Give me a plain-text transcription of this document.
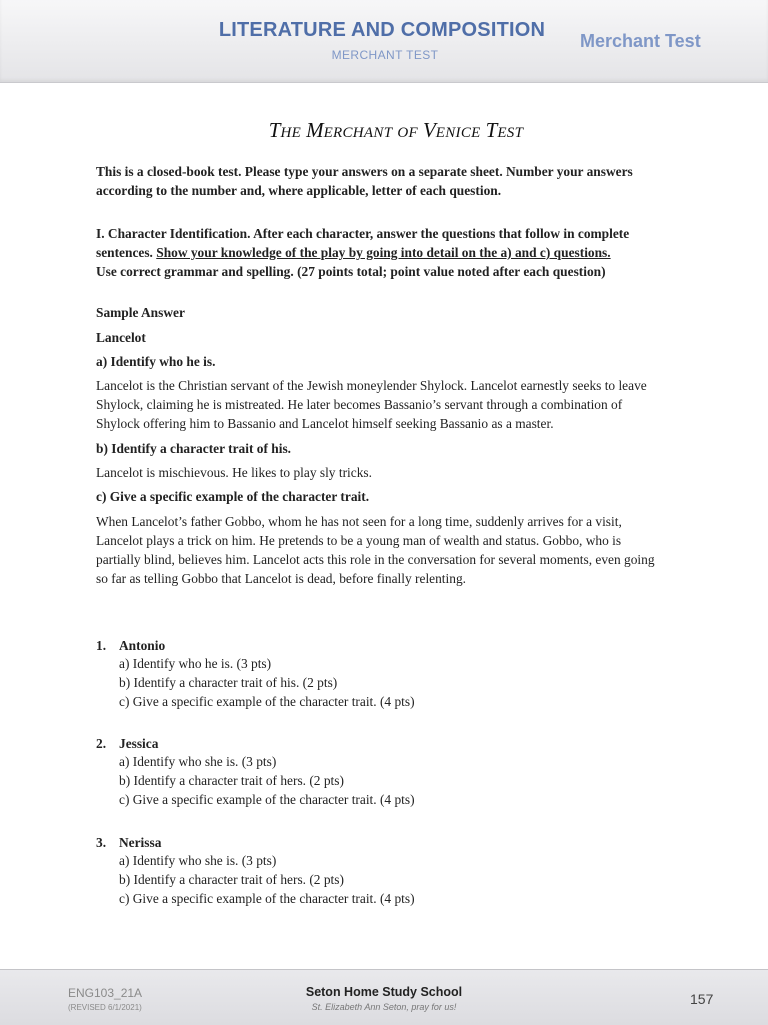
LITERATURE AND COMPOSITION
MERCHANT TEST
Merchant Test
THE MERCHANT OF VENICE TEST
This is a closed-book test. Please type your answers on a separate sheet. Number your answers
according to the number and, where applicable, letter of each question.
I. Character Identification. After each character, answer the questions that follow in complete
sentences. Show your knowledge of the play by going into detail on the a) and c) questions.
Use correct grammar and spelling. (27 points total; point value noted after each question)
Sample Answer
Lancelot
a) Identify who he is.
Lancelot is the Christian servant of the Jewish moneylender Shylock. Lancelot earnestly seeks to leave
Shylock, claiming he is mistreated. He later becomes Bassanio’s servant through a combination of
Shylock offering him to Bassanio and Lancelot himself seeking Bassanio as a master.
b) Identify a character trait of his.
Lancelot is mischievous. He likes to play sly tricks.
c) Give a specific example of the character trait.
When Lancelot’s father Gobbo, whom he has not seen for a long time, suddenly arrives for a visit,
Lancelot plays a trick on him. He pretends to be a young man of wealth and status. Gobbo, who is
partially blind, believes him. Lancelot acts this role in the conversation for several moments, even going
so far as telling Gobbo that Lancelot is dead, before finally relenting.
1. Antonio
a) Identify who he is. (3 pts)
b) Identify a character trait of his. (2 pts)
c) Give a specific example of the character trait. (4 pts)
2. Jessica
a) Identify who she is. (3 pts)
b) Identify a character trait of hers. (2 pts)
c) Give a specific example of the character trait. (4 pts)
3. Nerissa
a) Identify who she is. (3 pts)
b) Identify a character trait of hers. (2 pts)
c) Give a specific example of the character trait. (4 pts)
ENG103_21A
(REVISED 6/1/2021)
Seton Home Study School
St. Elizabeth Ann Seton, pray for us!	157
